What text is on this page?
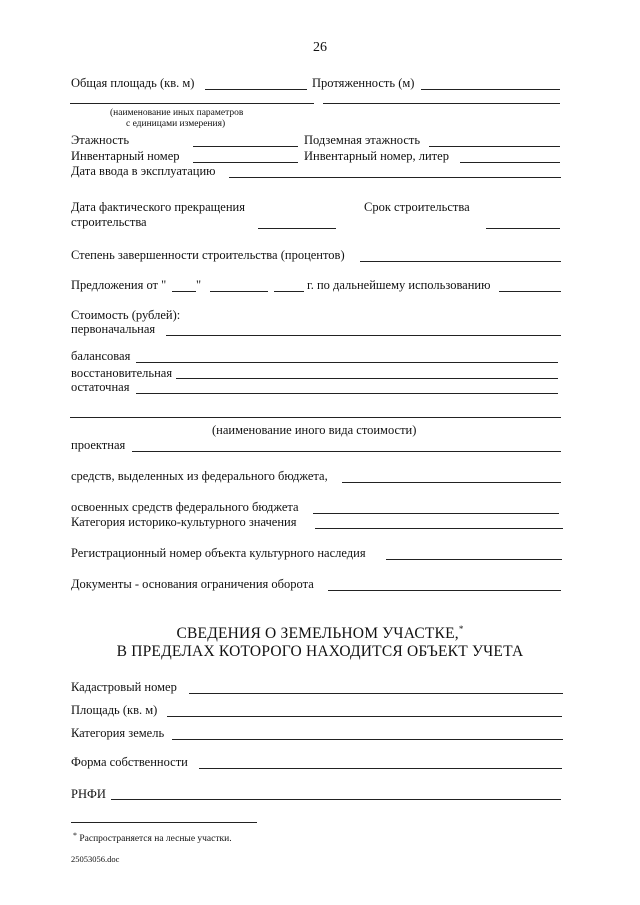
26
Общая площадь (кв. м)	Протяженность (м)
(наименование иных параметров
с единицами измерения)
Этажность	Подземная этажность
Инвентарный номер	Инвентарный номер, литер
Дата ввода в эксплуатацию
Дата фактического прекращения
строительства
Срок строительства
Степень завершенности строительства (процентов)
Предложения от " "	г. по дальнейшему использованию
Стоимость (рублей):
первоначальная
балансовая
восстановительная
остаточная
(наименование иного вида стоимости)
проектная
средств, выделенных из федерального бюджета,
освоенных средств федерального бюджета
Категория историко-культурного значения
Регистрационный номер объекта культурного наследия
Документы - основания ограничения оборота
СВЕДЕНИЯ О ЗЕМЕЛЬНОМ УЧАСТКЕ,*
В ПРЕДЕЛАХ КОТОРОГО НАХОДИТСЯ ОБЪЕКТ УЧЕТА
Кадастровый номер
Площадь (кв. м)
Категория земель
Форма собственности
РНФИ
* Распространяется на лесные участки.
25053056.doc
